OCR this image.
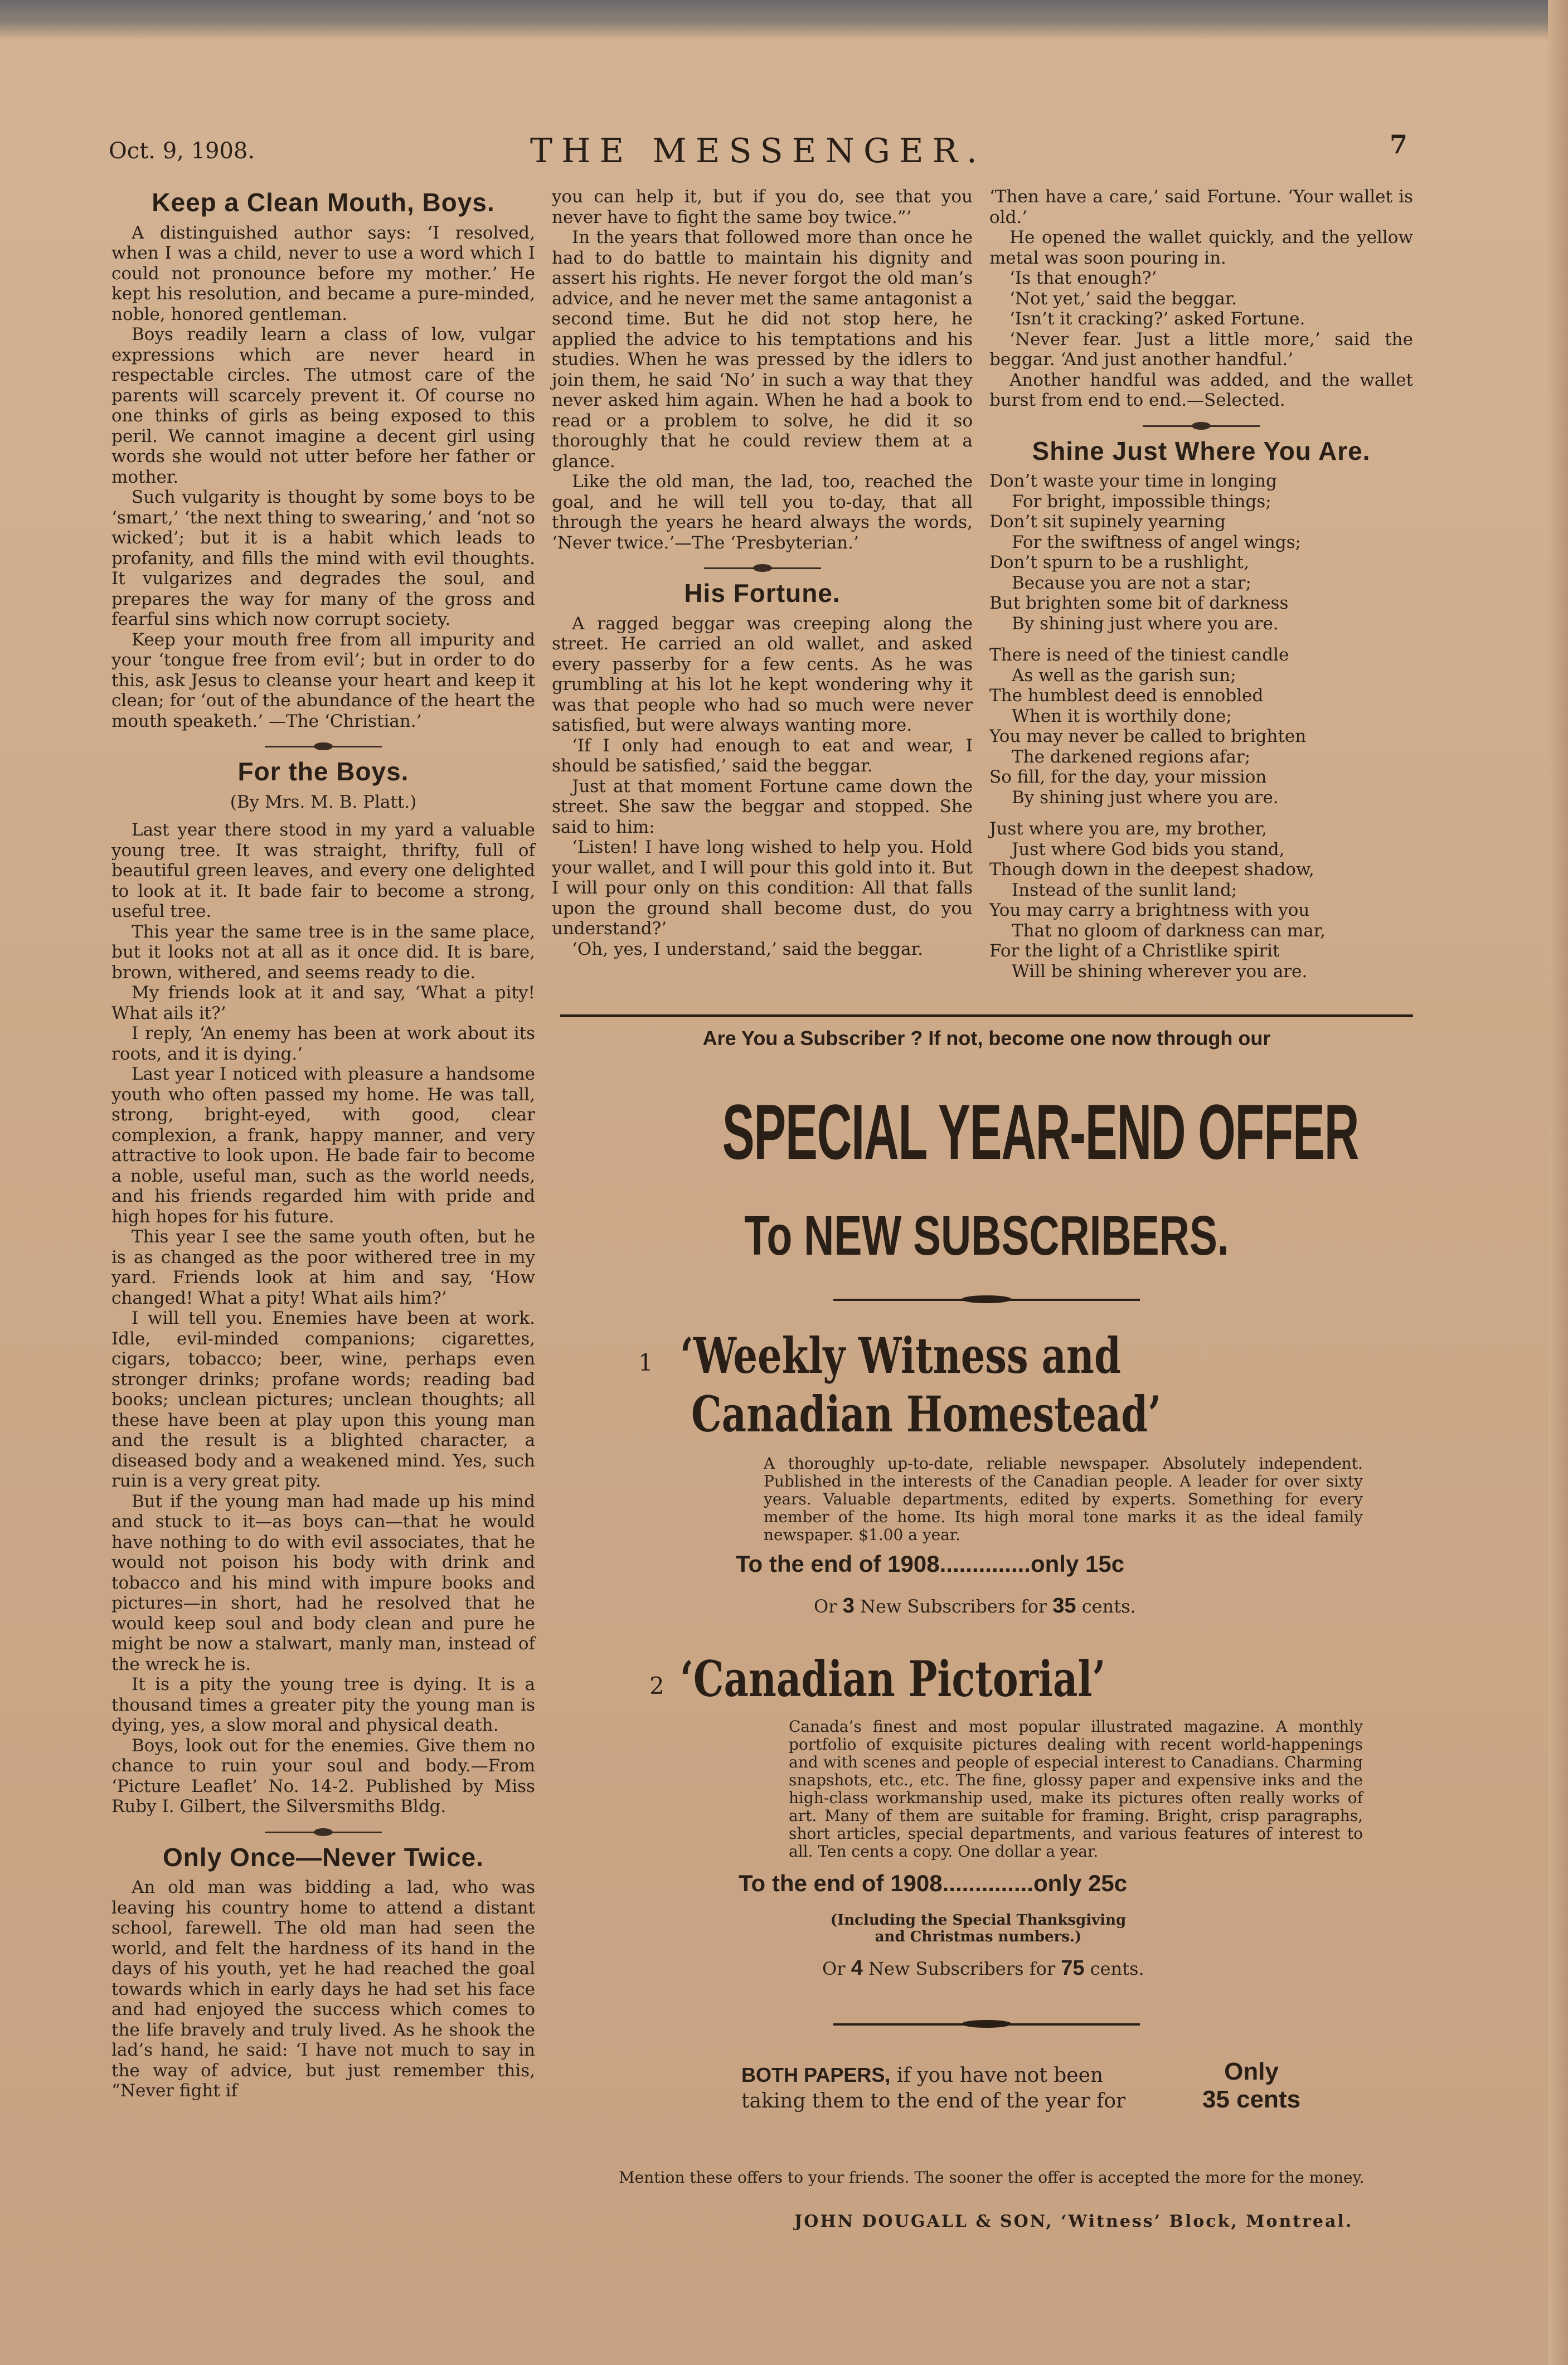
Oct. 9, 1908.	THE MESSENGER.	7
Keep a Clean Mouth, Boys.

A distinguished author says: ‘I resolved, when I was a child, never to use a word which I could not pronounce before my mother.’ He kept his resolution, and became a pure-minded, noble, honored gentleman.

Boys readily learn a class of low, vulgar expressions which are never heard in respectable circles. The utmost care of the parents will scarcely prevent it. Of course no one thinks of girls as being exposed to this peril. We cannot imagine a decent girl using words she would not utter before her father or mother.

Such vulgarity is thought by some boys to be ‘smart,’ ‘the next thing to swearing,’ and ‘not so wicked’; but it is a habit which leads to profanity, and fills the mind with evil thoughts. It vulgarizes and degrades the soul, and prepares the way for many of the gross and fearful sins which now corrupt society.

Keep your mouth free from all impurity and your ‘tongue free from evil’; but in order to do this, ask Jesus to cleanse your heart and keep it clean; for ‘out of the abundance of the heart the mouth speaketh.’ —The ‘Christian.’

For the Boys.
(By Mrs. M. B. Platt.)

Last year there stood in my yard a valuable young tree. It was straight, thrifty, full of beautiful green leaves, and every one delighted to look at it. It bade fair to become a strong, useful tree.

This year the same tree is in the same place, but it looks not at all as it once did. It is bare, brown, withered, and seems ready to die.

My friends look at it and say, ‘What a pity! What ails it?’

I reply, ‘An enemy has been at work about its roots, and it is dying.’

Last year I noticed with pleasure a handsome youth who often passed my home. He was tall, strong, bright-eyed, with good, clear complexion, a frank, happy manner, and very attractive to look upon. He bade fair to become a noble, useful man, such as the world needs, and his friends regarded him with pride and high hopes for his future.

This year I see the same youth often, but he is as changed as the poor withered tree in my yard. Friends look at him and say, ‘How changed! What a pity! What ails him?’

I will tell you. Enemies have been at work. Idle, evil-minded companions; cigarettes, cigars, tobacco; beer, wine, perhaps even stronger drinks; profane words; reading bad books; unclean pictures; unclean thoughts; all these have been at play upon this young man and the result is a blighted character, a diseased body and a weakened mind. Yes, such ruin is a very great pity.

But if the young man had made up his mind and stuck to it—as boys can—that he would have nothing to do with evil associates, that he would not poison his body with drink and tobacco and his mind with impure books and pictures—in short, had he resolved that he would keep soul and body clean and pure he might be now a stalwart, manly man, instead of the wreck he is.

It is a pity the young tree is dying. It is a thousand times a greater pity the young man is dying, yes, a slow moral and physical death.

Boys, look out for the enemies. Give them no chance to ruin your soul and body.—From ‘Picture Leaflet’ No. 14-2. Published by Miss Ruby I. Gilbert, the Silversmiths Bldg.

Only Once—Never Twice.

An old man was bidding a lad, who was leaving his country home to attend a distant school, farewell. The old man had seen the world, and felt the hardness of its hand in the days of his youth, yet he had reached the goal towards which in early days he had set his face and had enjoyed the success which comes to the life bravely and truly lived. As he shook the lad’s hand, he said: ‘I have not much to say in the way of advice, but just remember this, “Never fight if

you can help it, but if you do, see that you never have to fight the same boy twice.”’

In the years that followed more than once he had to do battle to maintain his dignity and assert his rights. He never forgot the old man’s advice, and he never met the same antagonist a second time. But he did not stop here, he applied the advice to his temptations and his studies. When he was pressed by the idlers to join them, he said ‘No’ in such a way that they never asked him again. When he had a book to read or a problem to solve, he did it so thoroughly that he could review them at a glance.

Like the old man, the lad, too, reached the goal, and he will tell you to-day, that all through the years he heard always the words, ‘Never twice.’—The ‘Presbyterian.’

His Fortune.

A ragged beggar was creeping along the street. He carried an old wallet, and asked every passerby for a few cents. As he was grumbling at his lot he kept wondering why it was that people who had so much were never satisfied, but were always wanting more.

‘If I only had enough to eat and wear, I should be satisfied,’ said the beggar.

Just at that moment Fortune came down the street. She saw the beggar and stopped. She said to him:

‘Listen! I have long wished to help you. Hold your wallet, and I will pour this gold into it. But I will pour only on this condition: All that falls upon the ground shall become dust, do you understand?’

‘Oh, yes, I understand,’ said the beggar.

‘Then have a care,’ said Fortune. ‘Your wallet is old.’

He opened the wallet quickly, and the yellow metal was soon pouring in.

‘Is that enough?’

‘Not yet,’ said the beggar.

‘Isn’t it cracking?’ asked Fortune.

‘Never fear. Just a little more,’ said the beggar. ‘And just another handful.’

Another handful was added, and the wallet burst from end to end.—Selected.

Shine Just Where You Are.
Don’t waste your time in longing
For bright, impossible things;
Don’t sit supinely yearning
For the swiftness of angel wings;
Don’t spurn to be a rushlight,
Because you are not a star;
But brighten some bit of darkness
By shining just where you are.
There is need of the tiniest candle
As well as the garish sun;
The humblest deed is ennobled
When it is worthily done;
You may never be called to brighten
The darkened regions afar;
So fill, for the day, your mission
By shining just where you are.
Just where you are, my brother,
Just where God bids you stand,
Though down in the deepest shadow,
Instead of the sunlit land;
You may carry a brightness with you
That no gloom of darkness can mar,
For the light of a Christlike spirit
Will be shining wherever you are.
Are You a Subscriber ? If not, become one now through our
SPECIAL YEAR-END OFFER
To NEW SUBSCRIBERS.
1 ‘Weekly Witness and
Canadian Homestead’
A thoroughly up-to-date, reliable newspaper. Absolutely independent. Published in the interests of the Canadian people. A leader for over sixty years. Valuable departments, edited by experts. Something for every member of the home. Its high moral tone marks it as the ideal family newspaper. $1.00 a year.
To the end of 1908..............only 15c
Or 3 New Subscribers for 35 cents.
2 ‘Canadian Pictorial’
Canada’s finest and most popular illustrated magazine. A monthly portfolio of exquisite pictures dealing with recent world-happenings and with scenes and people of especial interest to Canadians. Charming snapshots, etc., etc. The fine, glossy paper and expensive inks and the high-class workmanship used, make its pictures often really works of art. Many of them are suitable for framing. Bright, crisp paragraphs, short articles, special departments, and various features of interest to all. Ten cents a copy. One dollar a year.
To the end of 1908..............only 25c
(Including the Special Thanksgiving
and Christmas numbers.)
Or 4 New Subscribers for 75 cents.
BOTH PAPERS, if you have not been
taking them to the end of the year for
Only
35 cents
Mention these offers to your friends. The sooner the offer is accepted the more for the money.
JOHN DOUGALL & SON, ‘Witness’ Block, Montreal.
